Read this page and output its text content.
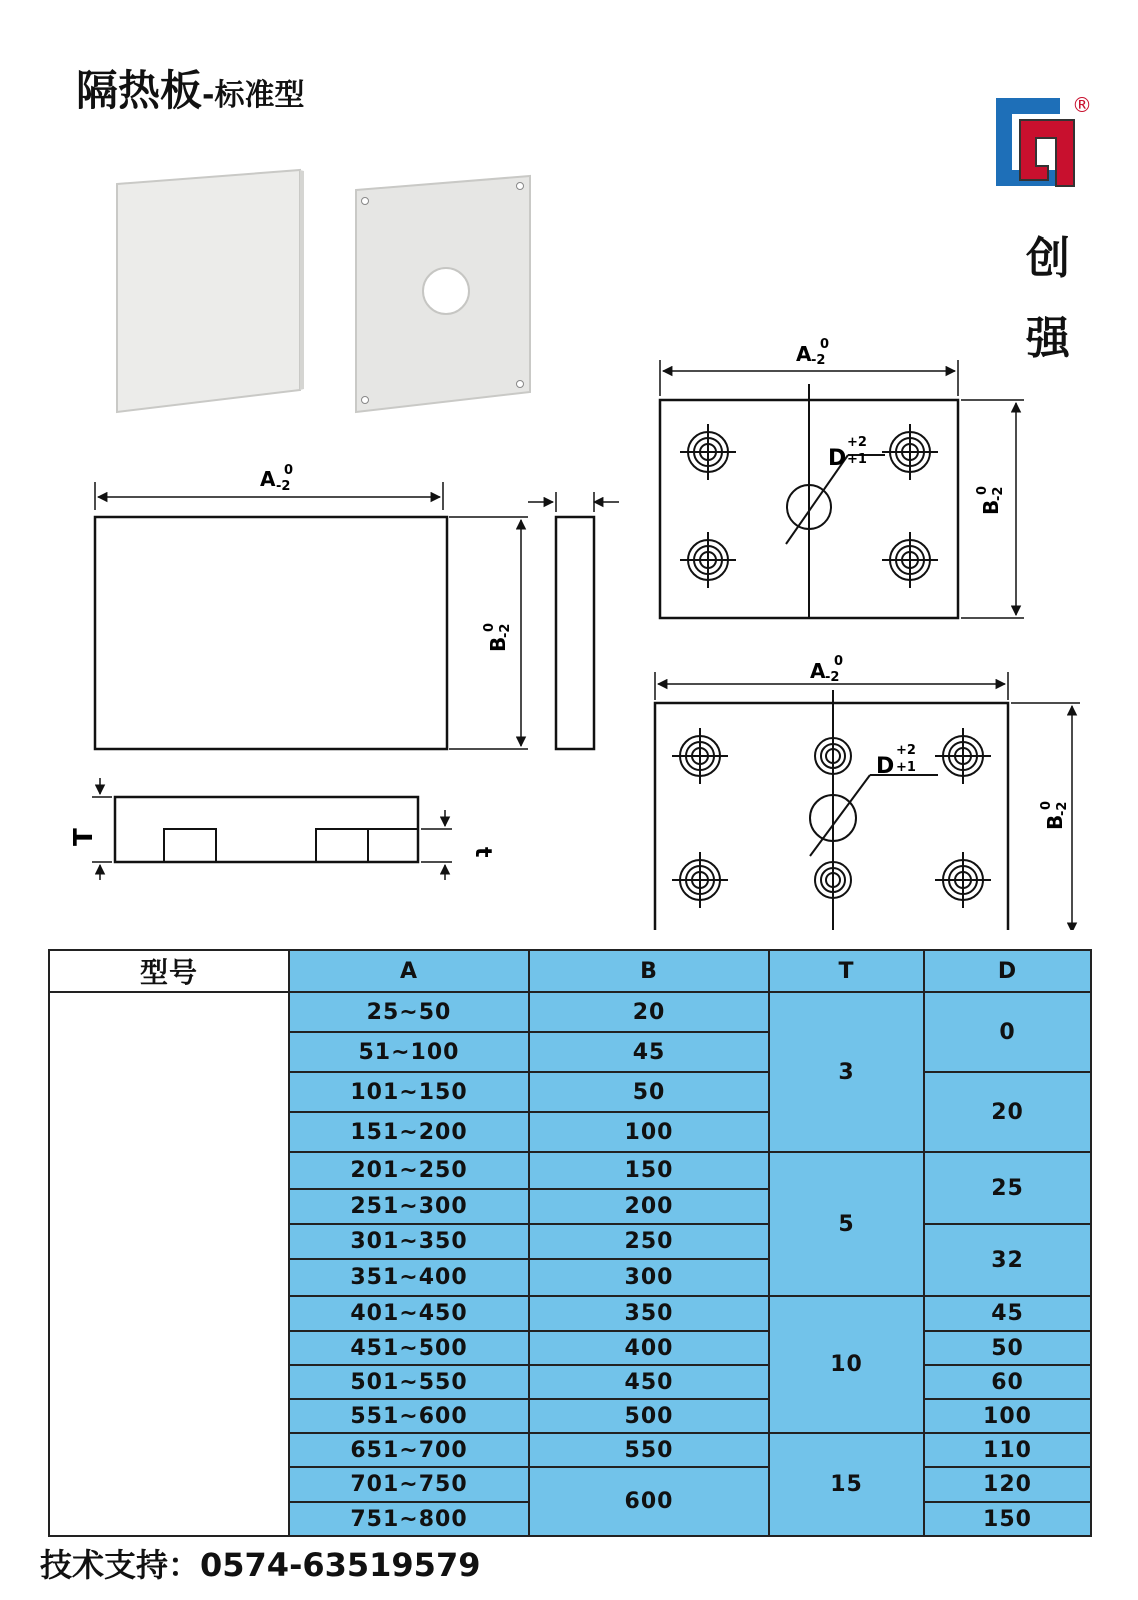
隔热板-标准型	®
创
强
A -2
0
B
-2
0
T
t
A -2
0
B
-2
0
D
+2
+1
A -2
0
B
-2
0
D
+2
+1
型号	A	B	T	D
	25~50	20	3	0
	51~100	45		
	101~150	50		20
	151~200	100		
	201~250	150	5	25
	251~300	200		
	301~350	250		32
	351~400	300		
	401~450	350	10	45
	451~500	400		50
	501~550	450		60
	551~600	500		100
	651~700	550	15	110
	701~750	600		120
	751~800			150
技术支持：0574-63519579
